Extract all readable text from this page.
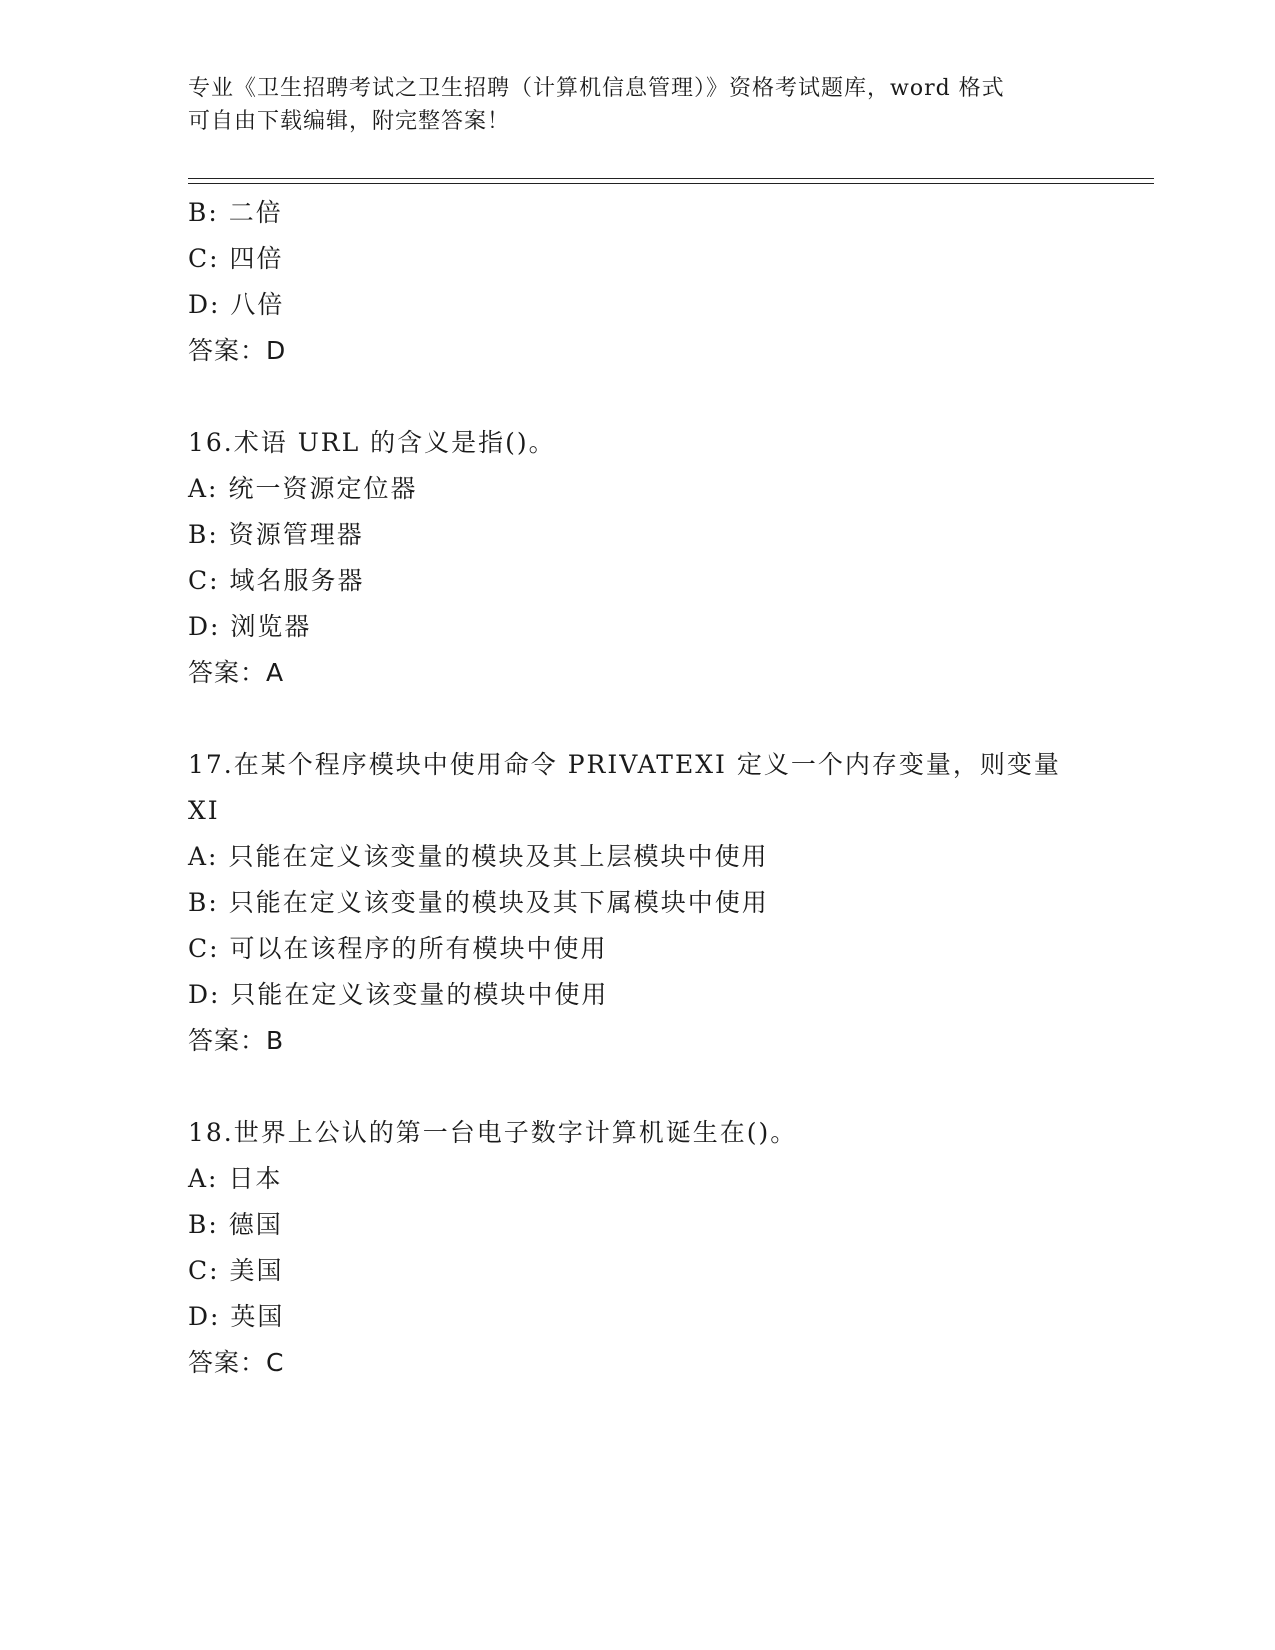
专业《卫生招聘考试之卫生招聘（计算机信息管理）》资格考试题库，word 格式
可自由下载编辑，附完整答案！
B: 二倍
C: 四倍
D: 八倍
答案：D
16.术语 URL 的含义是指()。
A: 统一资源定位器
B: 资源管理器
C: 域名服务器
D: 浏览器
答案：A
17.在某个程序模块中使用命令 PRIVATEXI 定义一个内存变量，则变量
XI
A: 只能在定义该变量的模块及其上层模块中使用
B: 只能在定义该变量的模块及其下属模块中使用
C: 可以在该程序的所有模块中使用
D: 只能在定义该变量的模块中使用
答案：B
18.世界上公认的第一台电子数字计算机诞生在()。
A: 日本
B: 德国
C: 美国
D: 英国
答案：C
